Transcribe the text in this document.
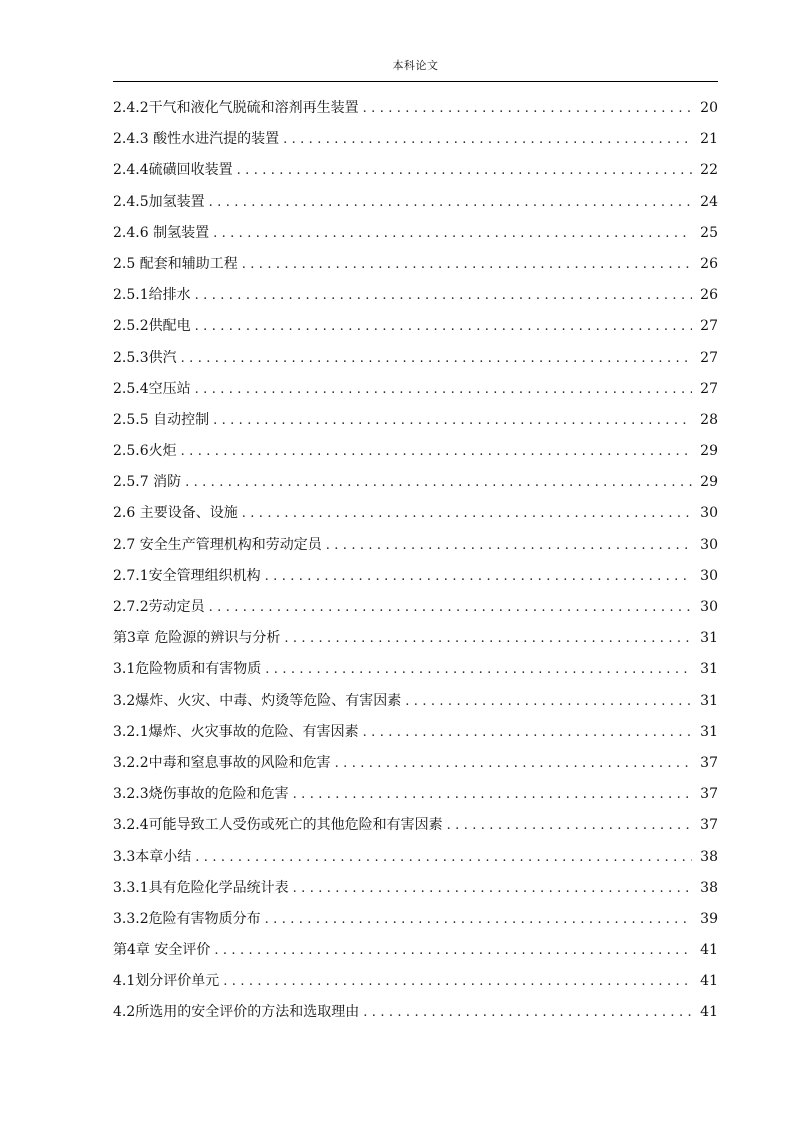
本科论文
2.4.2干气和液化气脱硫和溶剂再生装置 .....	20
2.4.3 酸性水进汽提的装置 .....	21
2.4.4硫磺回收装置 .....	22
2.4.5加氢装置 .....	24
2.4.6 制氢装置 .....	25
2.5 配套和辅助工程 .....	26
2.5.1给排水 .....	26
2.5.2供配电 .....	27
2.5.3供汽 .....	27
2.5.4空压站 .....	27
2.5.5 自动控制 .....	28
2.5.6火炬 .....	29
2.5.7 消防 .....	29
2.6 主要设备、设施 .....	30
2.7 安全生产管理机构和劳动定员 .....	30
2.7.1安全管理组织机构 .....	30
2.7.2劳动定员 .....	30
第3章 危险源的辨识与分析 .....	31
3.1危险物质和有害物质 .....	31
3.2爆炸、火灾、中毒、灼烫等危险、有害因素 .....	31
3.2.1爆炸、火灾事故的危险、有害因素 .....	31
3.2.2中毒和窒息事故的风险和危害 .....	37
3.2.3烧伤事故的危险和危害 .....	37
3.2.4可能导致工人受伤或死亡的其他危险和有害因素 .....	37
3.3本章小结 .....	38
3.3.1具有危险化学品统计表 .....	38
3.3.2危险有害物质分布 .....	39
第4章 安全评价 .....	41
4.1划分评价单元 .....	41
4.2所选用的安全评价的方法和选取理由 .....	41
